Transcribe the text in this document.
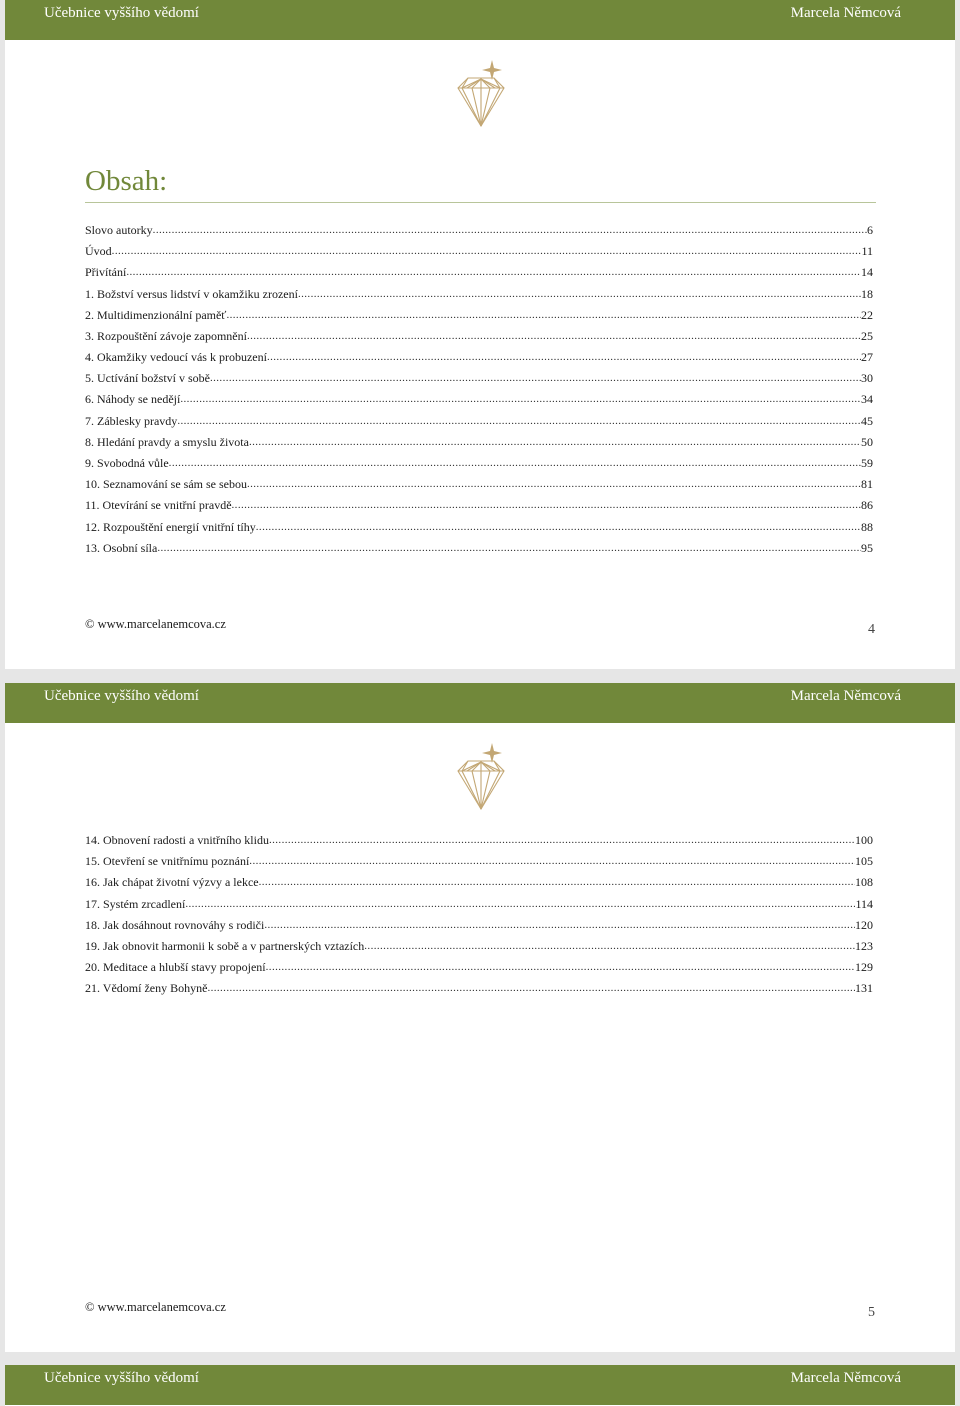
Učebnice vyššího vědomí	Marcela Němcová
Obsah:
Slovo autorky .....	6
Úvod .....	11
Přivítání .....	14
1. Božství versus lidství v okamžiku zrození .....	18
2. Multidimenzionální paměť .....	22
3. Rozpouštění závoje zapomnění .....	25
4. Okamžiky vedoucí vás k probuzení .....	27
5. Uctívání božství v sobě .....	30
6. Náhody se nedějí .....	34
7. Záblesky pravdy .....	45
8. Hledání pravdy a smyslu života .....	50
9. Svobodná vůle .....	59
10. Seznamování se sám se sebou .....	81
11. Otevírání se vnitřní pravdě .....	86
12. Rozpouštění energií vnitřní tíhy .....	88
13. Osobní síla .....	95
© www.marcelanemcova.cz	4
Učebnice vyššího vědomí	Marcela Němcová
14. Obnovení radosti a vnitřního klidu .....	100
15. Otevření se vnitřnímu poznání .....	105
16. Jak chápat životní výzvy a lekce .....	108
17. Systém zrcadlení .....	114
18. Jak dosáhnout rovnováhy s rodiči .....	120
19. Jak obnovit harmonii k sobě a v partnerských vztazích .....	123
20. Meditace a hlubší stavy propojení .....	129
21. Vědomí ženy Bohyně .....	131
© www.marcelanemcova.cz	5
Učebnice vyššího vědomí	Marcela Němcová
